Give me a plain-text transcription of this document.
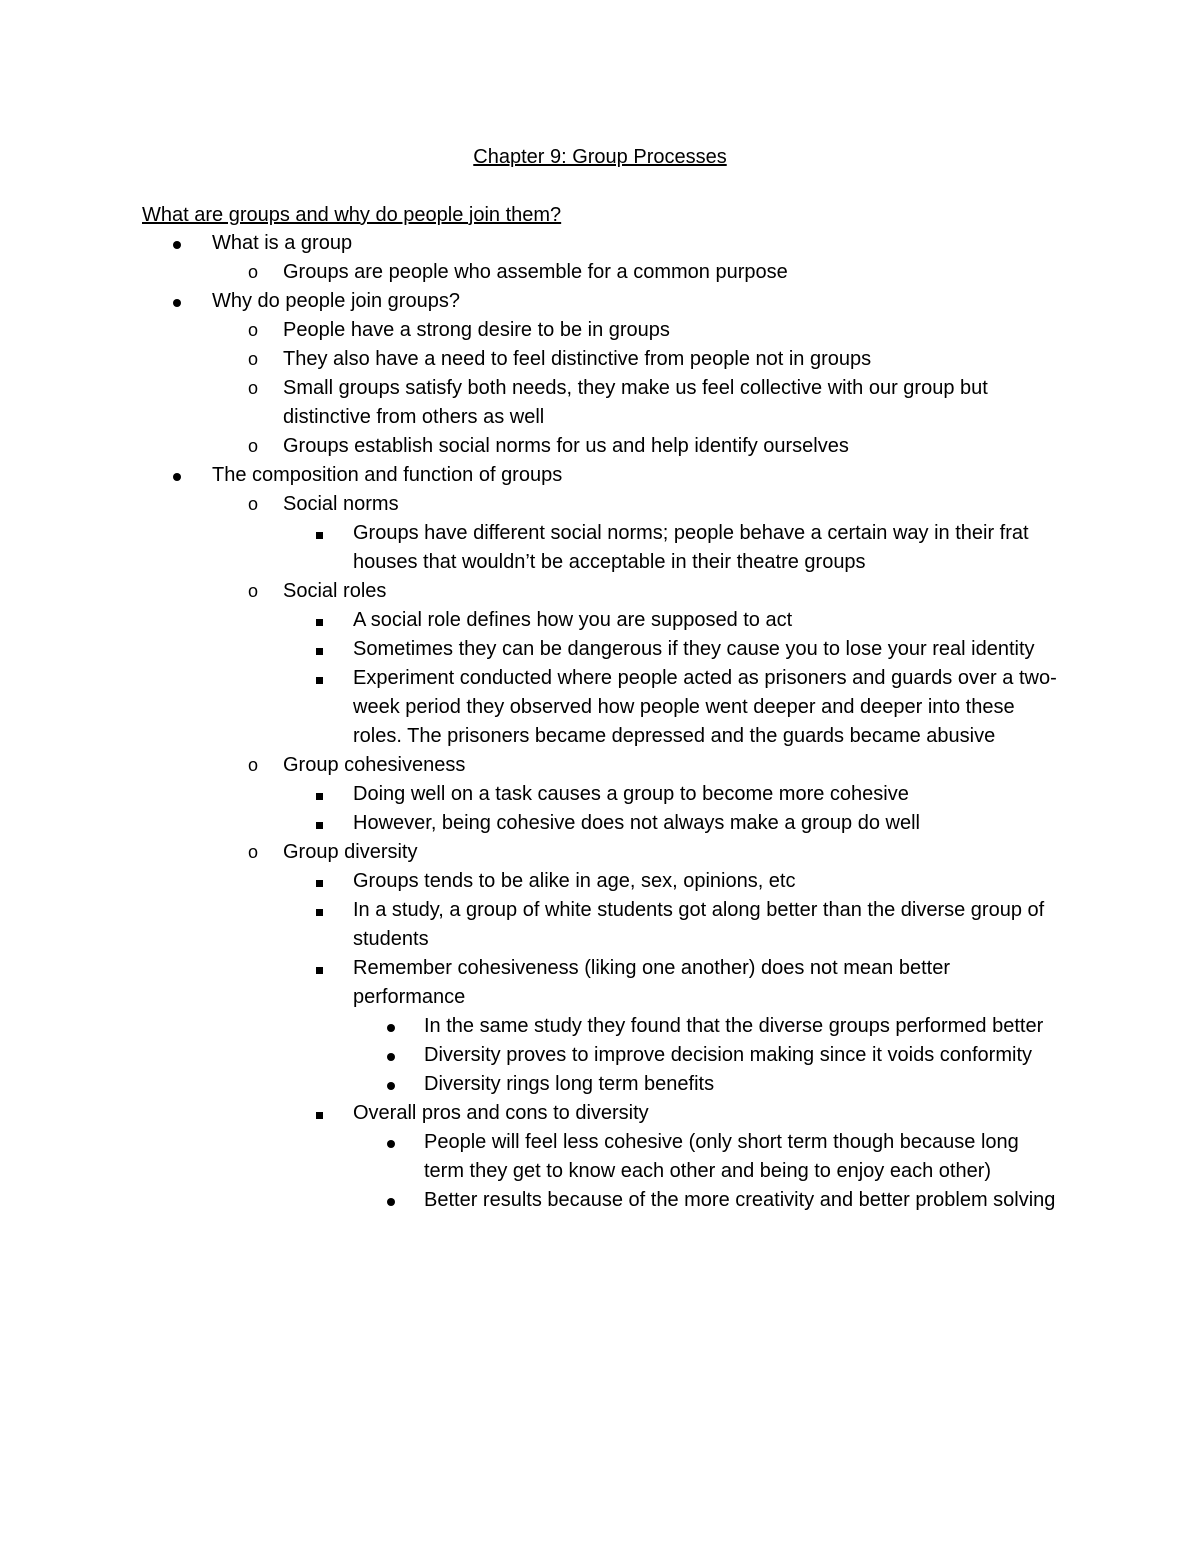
Chapter 9: Group Processes
What are groups and why do people join them?
What is a group
o Groups are people who assemble for a common purpose
Why do people join groups?
o People have a strong desire to be in groups
o They also have a need to feel distinctive from people not in groups
o Small groups satisfy both needs, they make us feel collective with our group but distinctive from others as well
o Groups establish social norms for us and help identify ourselves
The composition and function of groups
o Social norms
Groups have different social norms; people behave a certain way in their frat houses that wouldn’t be acceptable in their theatre groups
o Social roles
A social role defines how you are supposed to act
Sometimes they can be dangerous if they cause you to lose your real identity
Experiment conducted where people acted as prisoners and guards over a two-week period they observed how people went deeper and deeper into these roles. The prisoners became depressed and the guards became abusive
o Group cohesiveness
Doing well on a task causes a group to become more cohesive
However, being cohesive does not always make a group do well
o Group diversity
Groups tends to be alike in age, sex, opinions, etc
In a study, a group of white students got along better than the diverse group of students
Remember cohesiveness (liking one another) does not mean better performance
In the same study they found that the diverse groups performed better
Diversity proves to improve decision making since it voids conformity
Diversity rings long term benefits
Overall pros and cons to diversity
People will feel less cohesive (only short term though because long term they get to know each other and being to enjoy each other)
Better results because of the more creativity and better problem solving
